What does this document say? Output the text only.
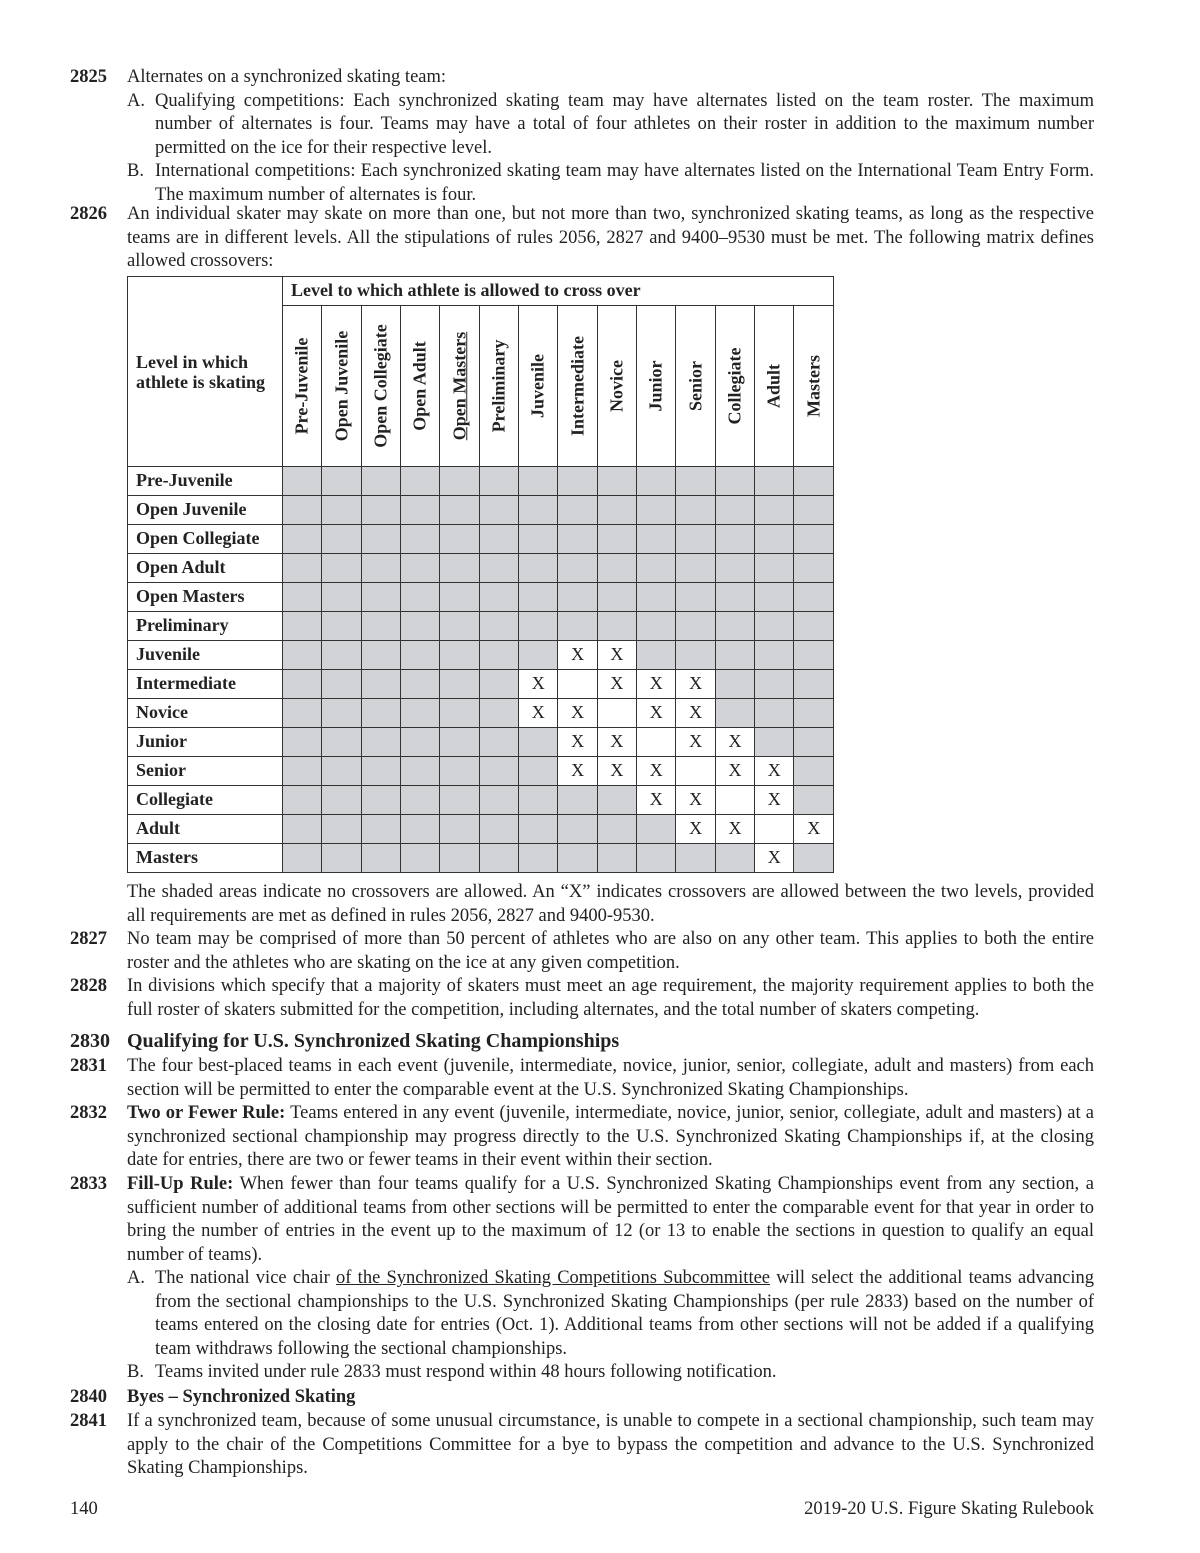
2825 Alternates on a synchronized skating team:
A. Qualifying competitions: Each synchronized skating team may have alternates listed on the team roster. The maximum number of alternates is four. Teams may have a total of four athletes on their roster in addition to the maximum number permitted on the ice for their respective level.
B. International competitions: Each synchronized skating team may have alternates listed on the International Team Entry Form. The maximum number of alternates is four.
2826 An individual skater may skate on more than one, but not more than two, synchronized skating teams, as long as the respective teams are in different levels. All the stipulations of rules 2056, 2827 and 9400–9530 must be met. The following matrix defines allowed crossovers:
Level in which athlete is skating	Level to which athlete is allowed to cross over													

	Pre-Juvenile	Open Juvenile	Open Collegiate	Open Adult	Open Masters	Preliminary	Juvenile	Intermediate	Novice	Junior	Senior	Collegiate	Adult	Masters

Pre-Juvenile														
Open Juvenile														
Open Collegiate														
Open Adult														
Open Masters														
Preliminary														
Juvenile								X	X					
Intermediate							X		X	X	X			
Novice							X	X		X	X			
Junior								X	X		X	X		
Senior								X	X	X		X	X	
Collegiate										X	X		X	
Adult											X	X		X
Masters													X	
The shaded areas indicate no crossovers are allowed. An “X” indicates crossovers are allowed between the two levels, provided all requirements are met as defined in rules 2056, 2827 and 9400-9530.
2827 No team may be comprised of more than 50 percent of athletes who are also on any other team. This applies to both the entire roster and the athletes who are skating on the ice at any given competition.
2828 In divisions which specify that a majority of skaters must meet an age requirement, the majority requirement applies to both the full roster of skaters submitted for the competition, including alternates, and the total number of skaters competing.
2830 Qualifying for U.S. Synchronized Skating Championships
2831 The four best-placed teams in each event (juvenile, intermediate, novice, junior, senior, collegiate, adult and masters) from each section will be permitted to enter the comparable event at the U.S. Synchronized Skating Championships.
2832 Two or Fewer Rule: Teams entered in any event (juvenile, intermediate, novice, junior, senior, collegiate, adult and masters) at a synchronized sectional championship may progress directly to the U.S. Synchronized Skating Championships if, at the closing date for entries, there are two or fewer teams in their event within their section.
2833 Fill-Up Rule: When fewer than four teams qualify for a U.S. Synchronized Skating Championships event from any section, a sufficient number of additional teams from other sections will be permitted to enter the comparable event for that year in order to bring the number of entries in the event up to the maximum of 12 (or 13 to enable the sections in question to qualify an equal number of teams).
A. The national vice chair of the Synchronized Skating Competitions Subcommittee will select the additional teams advancing from the sectional championships to the U.S. Synchronized Skating Championships (per rule 2833) based on the number of teams entered on the closing date for entries (Oct. 1). Additional teams from other sections will not be added if a qualifying team withdraws following the sectional championships.
B. Teams invited under rule 2833 must respond within 48 hours following notification.
2840 Byes – Synchronized Skating
2841 If a synchronized team, because of some unusual circumstance, is unable to compete in a sectional championship, such team may apply to the chair of the Competitions Committee for a bye to bypass the competition and advance to the U.S. Synchronized Skating Championships.
140	2019-20 U.S. Figure Skating Rulebook
